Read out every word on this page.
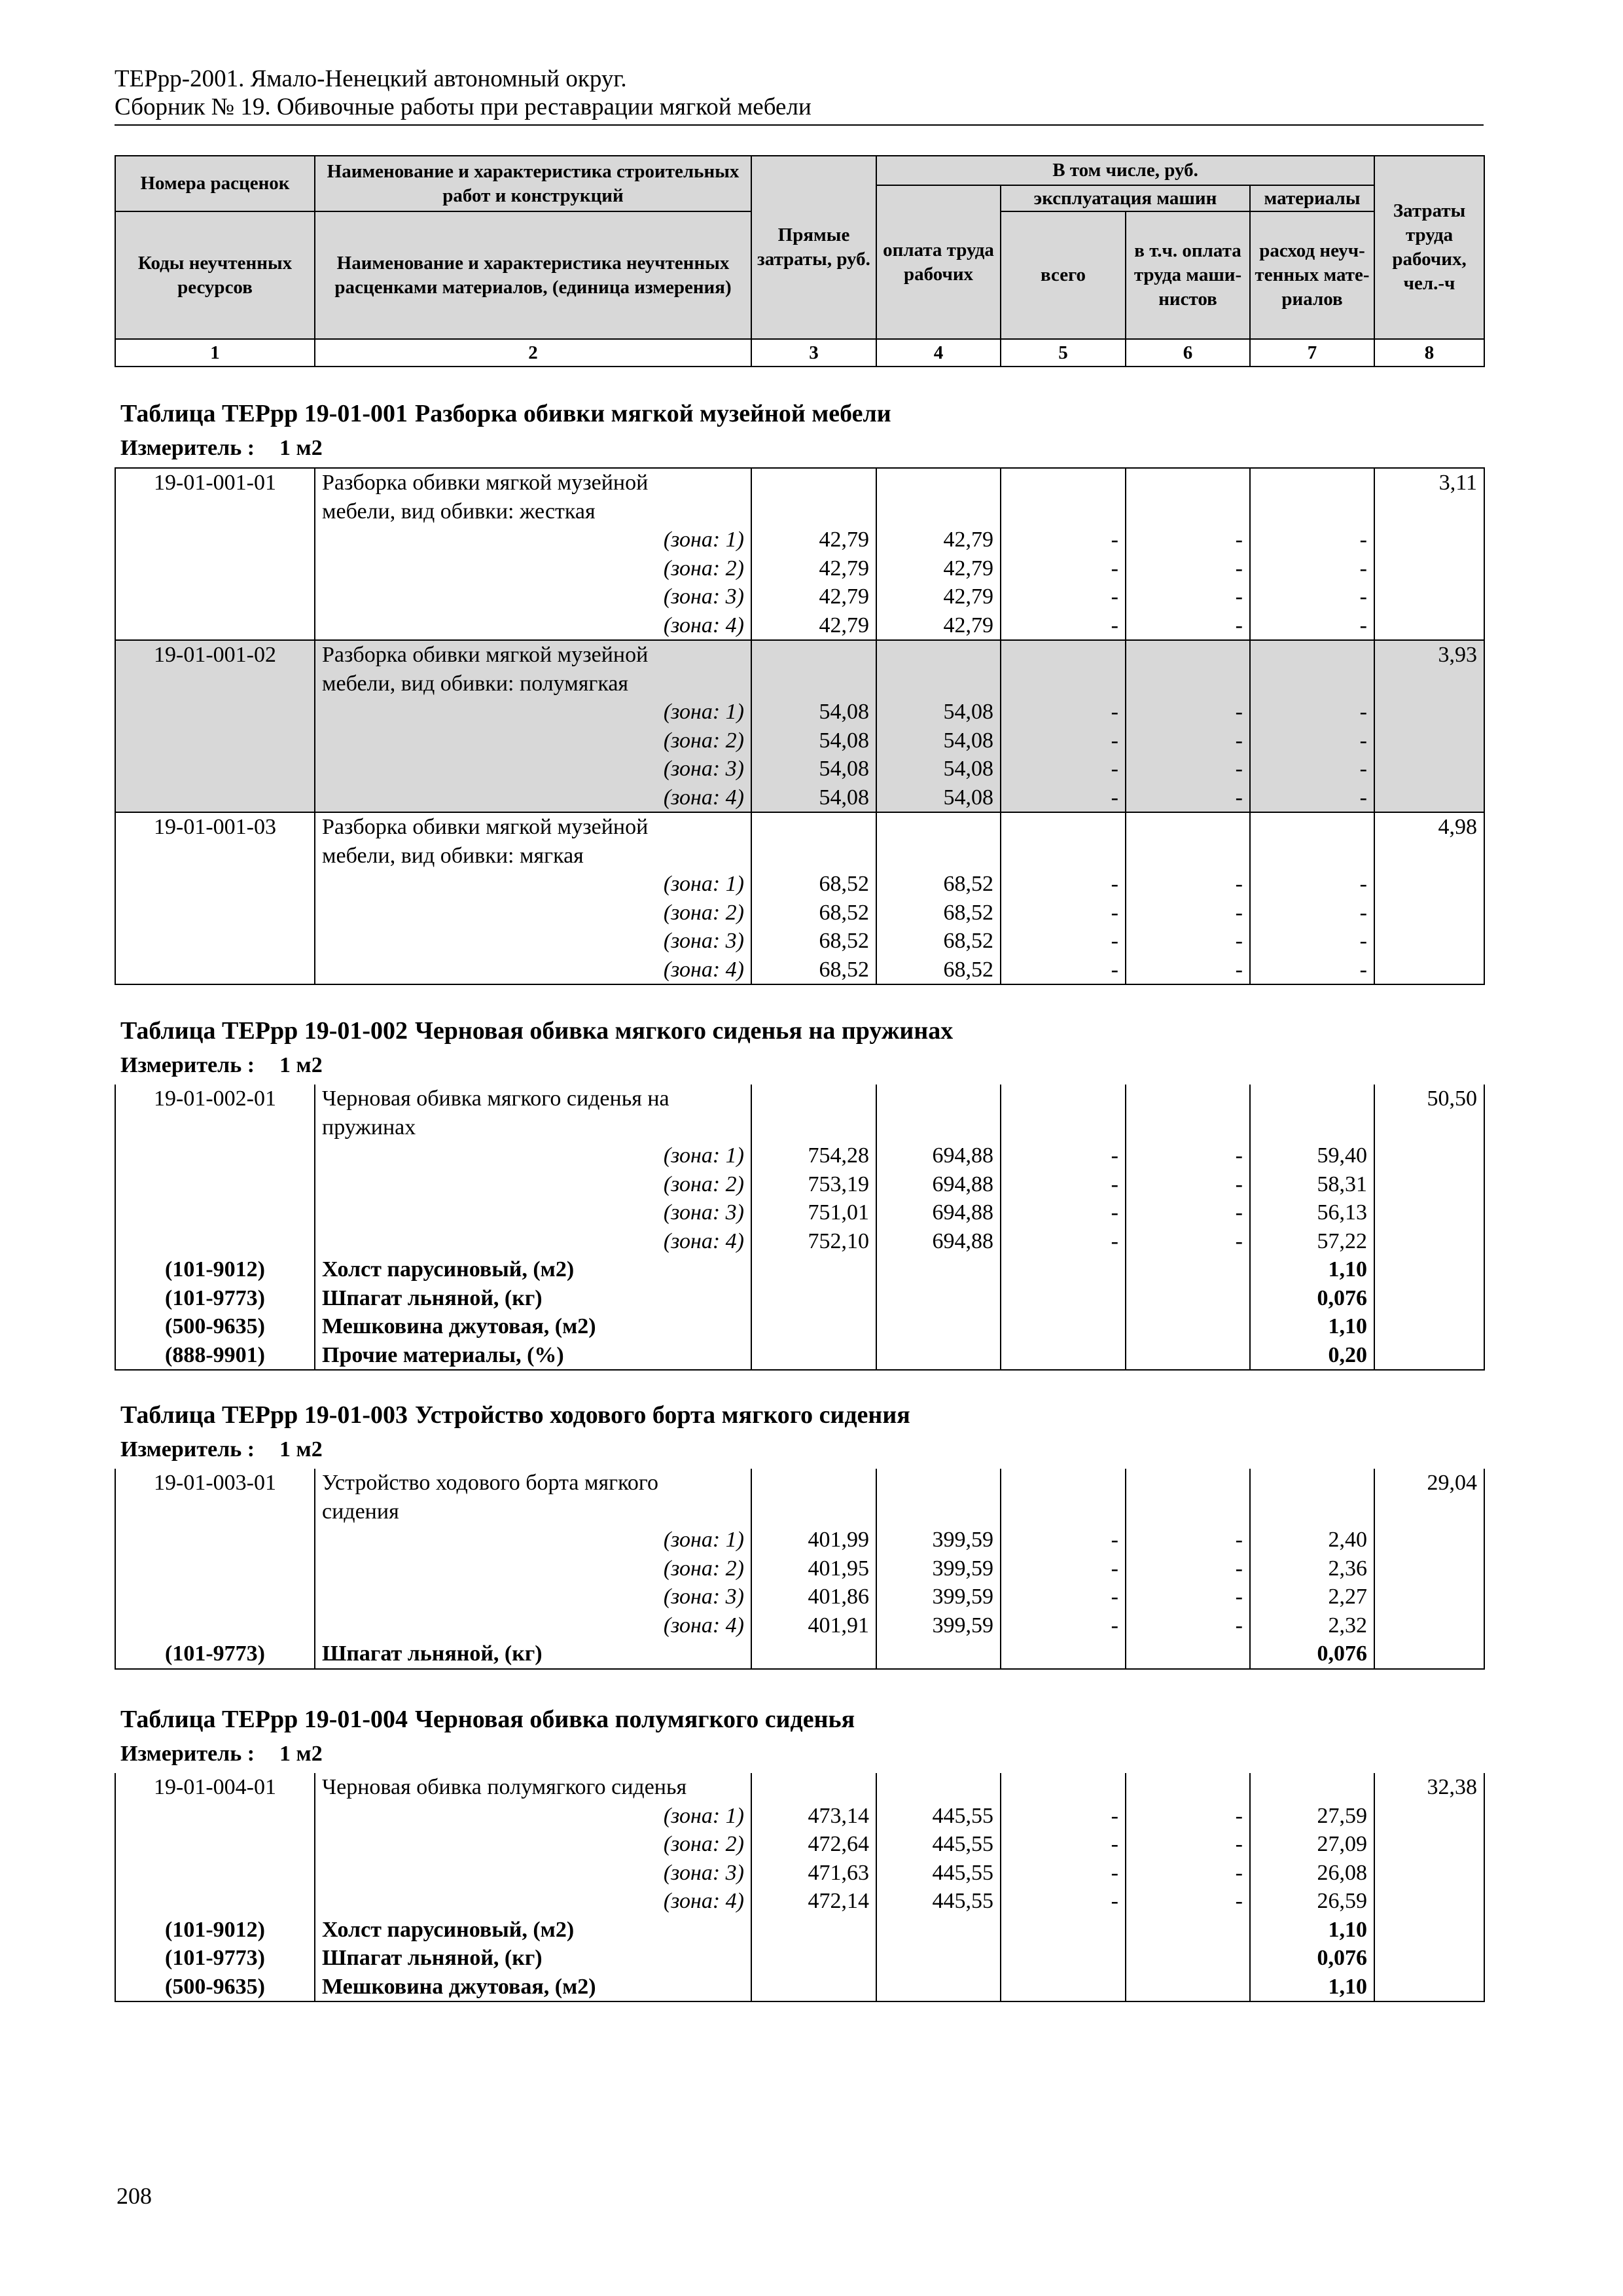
ТЕРрр-2001. Ямало-Ненецкий автономный округ.
Сборник № 19. Обивочные работы при реставрации мягкой мебели
Номера расценок	Наименование и характеристика строительных работ и конструкций	Прямые затраты, руб.	В том числе, руб.				Затраты труда рабочих, чел.-ч
			оплата труда рабочих	эксплуатация машин		материалы	
Коды неучтенных ресурсов	Наименование и характеристика неучтенных расценками материалов, (единица измерения)			всего	в т.ч. оплата труда маши- нистов	расход неуч- тенных мате- риалов	
1	2	3	4	5	6	7	8
Таблица ТЕРрр 19-01-001 Разборка обивки мягкой музейной мебели
Измеритель : 1 м2
19-01-001-01	Разборка обивки мягкой музейной						3,11
	мебели, вид обивки: жесткая						
	(зона: 1)	42,79	42,79	-	-	-	
	(зона: 2)	42,79	42,79	-	-	-	
	(зона: 3)	42,79	42,79	-	-	-	
	(зона: 4)	42,79	42,79	-	-	-	
19-01-001-02	Разборка обивки мягкой музейной						3,93
	мебели, вид обивки: полумягкая						
	(зона: 1)	54,08	54,08	-	-	-	
	(зона: 2)	54,08	54,08	-	-	-	
	(зона: 3)	54,08	54,08	-	-	-	
	(зона: 4)	54,08	54,08	-	-	-	
19-01-001-03	Разборка обивки мягкой музейной						4,98
	мебели, вид обивки: мягкая						
	(зона: 1)	68,52	68,52	-	-	-	
	(зона: 2)	68,52	68,52	-	-	-	
	(зона: 3)	68,52	68,52	-	-	-	
	(зона: 4)	68,52	68,52	-	-	-	
Таблица ТЕРрр 19-01-002 Черновая обивка мягкого сиденья на пружинах
Измеритель : 1 м2
19-01-002-01	Черновая обивка мягкого сиденья на						50,50
	пружинах						
	(зона: 1)	754,28	694,88	-	-	59,40	
	(зона: 2)	753,19	694,88	-	-	58,31	
	(зона: 3)	751,01	694,88	-	-	56,13	
	(зона: 4)	752,10	694,88	-	-	57,22	
(101-9012)	Холст парусиновый, (м2)					1,10	
(101-9773)	Шпагат льняной, (кг)					0,076	
(500-9635)	Мешковина джутовая, (м2)					1,10	
(888-9901)	Прочие материалы, (%)					0,20	
Таблица ТЕРрр 19-01-003 Устройство ходового борта мягкого сидения
Измеритель : 1 м2
19-01-003-01	Устройство ходового борта мягкого						29,04
	сидения						
	(зона: 1)	401,99	399,59	-	-	2,40	
	(зона: 2)	401,95	399,59	-	-	2,36	
	(зона: 3)	401,86	399,59	-	-	2,27	
	(зона: 4)	401,91	399,59	-	-	2,32	
(101-9773)	Шпагат льняной, (кг)					0,076	
Таблица ТЕРрр 19-01-004 Черновая обивка полумягкого сиденья
Измеритель : 1 м2
19-01-004-01	Черновая обивка полумягкого сиденья						32,38
	(зона: 1)	473,14	445,55	-	-	27,59	
	(зона: 2)	472,64	445,55	-	-	27,09	
	(зона: 3)	471,63	445,55	-	-	26,08	
	(зона: 4)	472,14	445,55	-	-	26,59	
(101-9012)	Холст парусиновый, (м2)					1,10	
(101-9773)	Шпагат льняной, (кг)					0,076	
(500-9635)	Мешковина джутовая, (м2)					1,10	
208
